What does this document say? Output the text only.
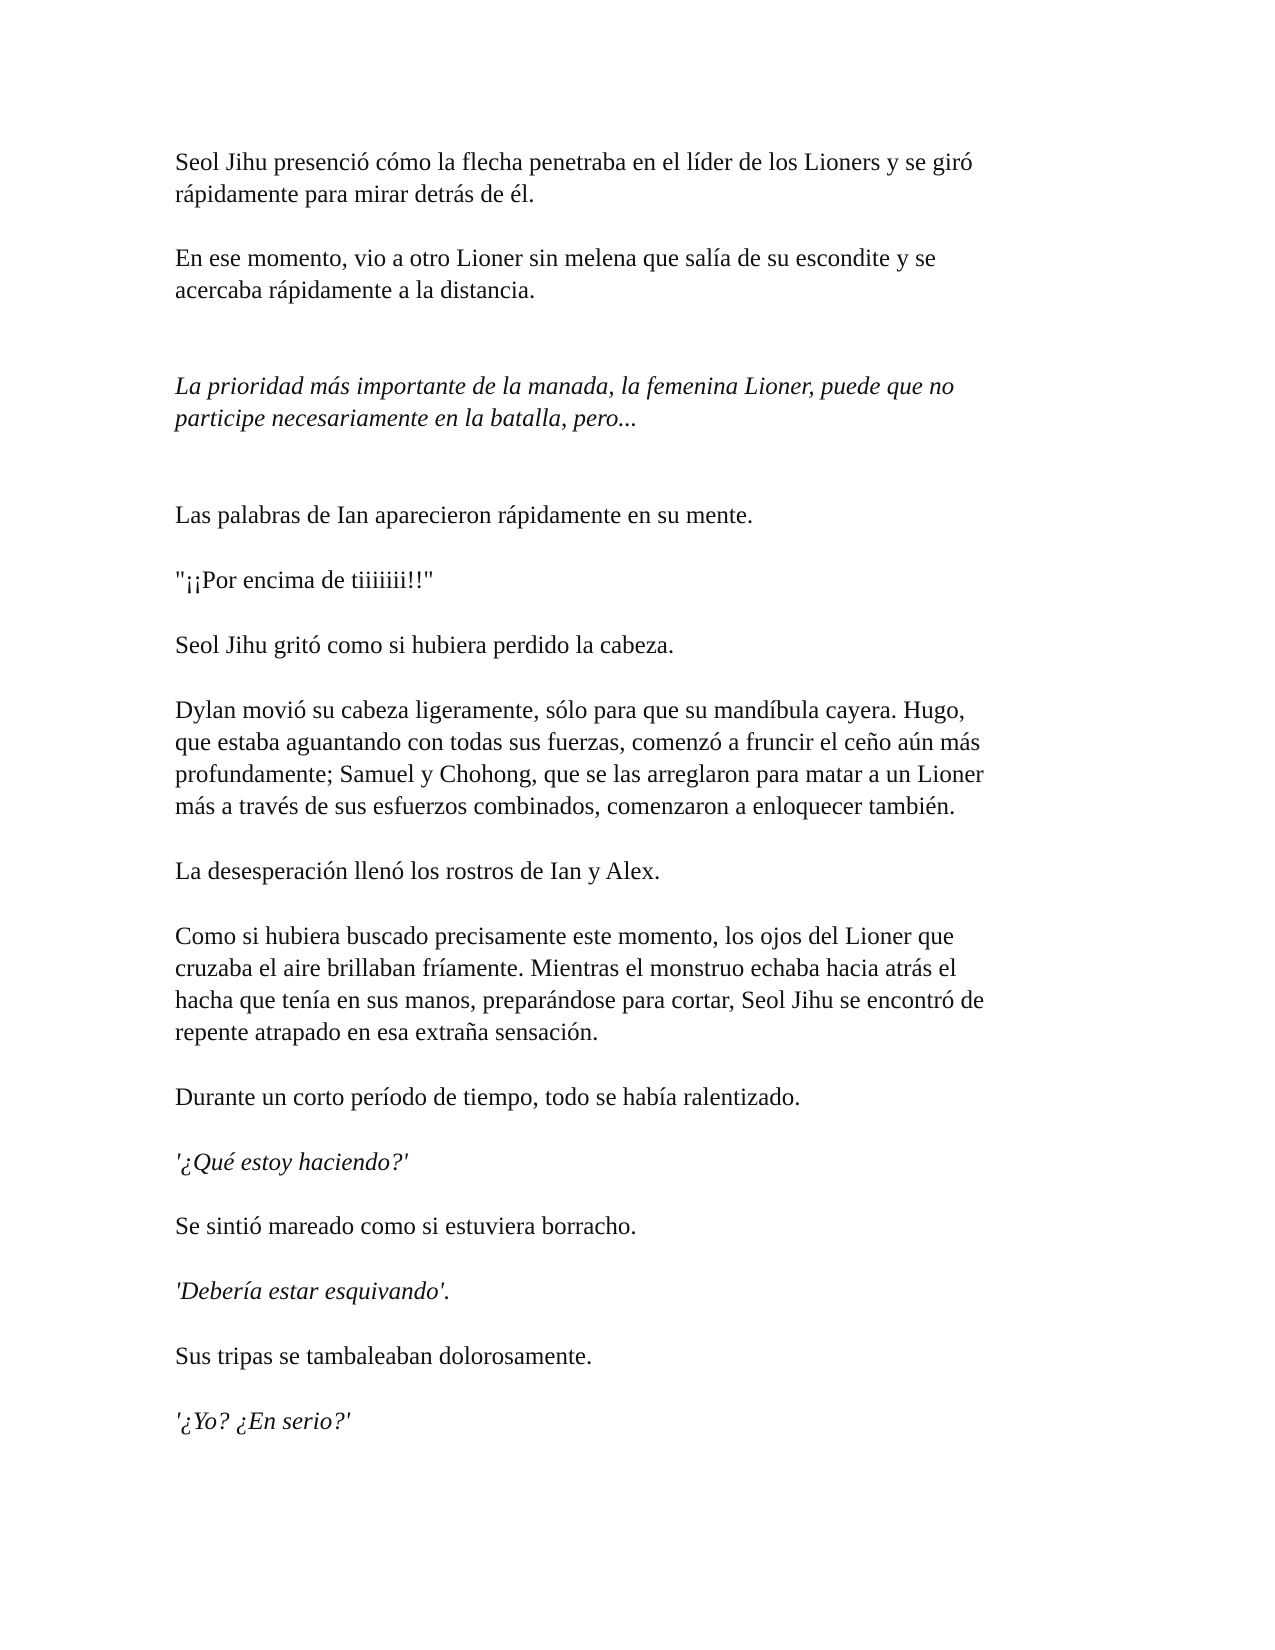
Seol Jihu presenció cómo la flecha penetraba en el líder de los Lioners y se giró
rápidamente para mirar detrás de él.

En ese momento, vio a otro Lioner sin melena que salía de su escondite y se
acercaba rápidamente a la distancia.

La prioridad más importante de la manada, la femenina Lioner, puede que no
participe necesariamente en la batalla, pero...

Las palabras de Ian aparecieron rápidamente en su mente.

"¡¡Por encima de tiiiiiii!!"

Seol Jihu gritó como si hubiera perdido la cabeza.

Dylan movió su cabeza ligeramente, sólo para que su mandíbula cayera. Hugo,
que estaba aguantando con todas sus fuerzas, comenzó a fruncir el ceño aún más
profundamente; Samuel y Chohong, que se las arreglaron para matar a un Lioner
más a través de sus esfuerzos combinados, comenzaron a enloquecer también.

La desesperación llenó los rostros de Ian y Alex.

Como si hubiera buscado precisamente este momento, los ojos del Lioner que
cruzaba el aire brillaban fríamente. Mientras el monstruo echaba hacia atrás el
hacha que tenía en sus manos, preparándose para cortar, Seol Jihu se encontró de
repente atrapado en esa extraña sensación.

Durante un corto período de tiempo, todo se había ralentizado.

'¿Qué estoy haciendo?'

Se sintió mareado como si estuviera borracho.

'Debería estar esquivando'.

Sus tripas se tambaleaban dolorosamente.

'¿Yo? ¿En serio?'
